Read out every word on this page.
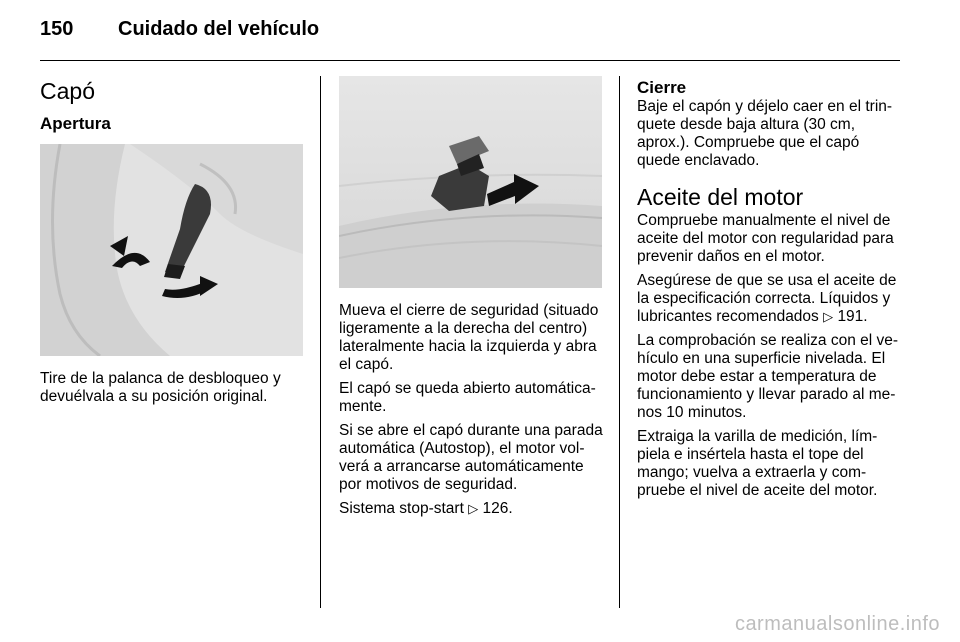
150 Cuidado del vehículo
Capó
Apertura

Tire de la palanca de desbloqueo y devuélvala a su posición original.

Mueva el cierre de seguridad (situado ligeramente a la derecha del centro) lateralmente hacia la izquierda y abra el capó.

El capó se queda abierto automática-mente.

Si se abre el capó durante una parada automática (Autostop), el motor vol-verá a arrancarse automáticamente por motivos de seguridad.

Sistema stop-start ▷ 126.

Cierre

Baje el capón y déjelo caer en el trin-quete desde baja altura (30 cm, aprox.). Compruebe que el capó quede enclavado.

Aceite del motor

Compruebe manualmente el nivel de aceite del motor con regularidad para prevenir daños en el motor.

Asegúrese de que se usa el aceite de la especificación correcta. Líquidos y lubricantes recomendados ▷ 191.

La comprobación se realiza con el ve-hículo en una superficie nivelada. El motor debe estar a temperatura de funcionamiento y llevar parado al me-nos 10 minutos.

Extraiga la varilla de medición, lím-piela e insértela hasta el tope del mango; vuelva a extraerla y com-pruebe el nivel de aceite del motor.

carmanualsonline.info
